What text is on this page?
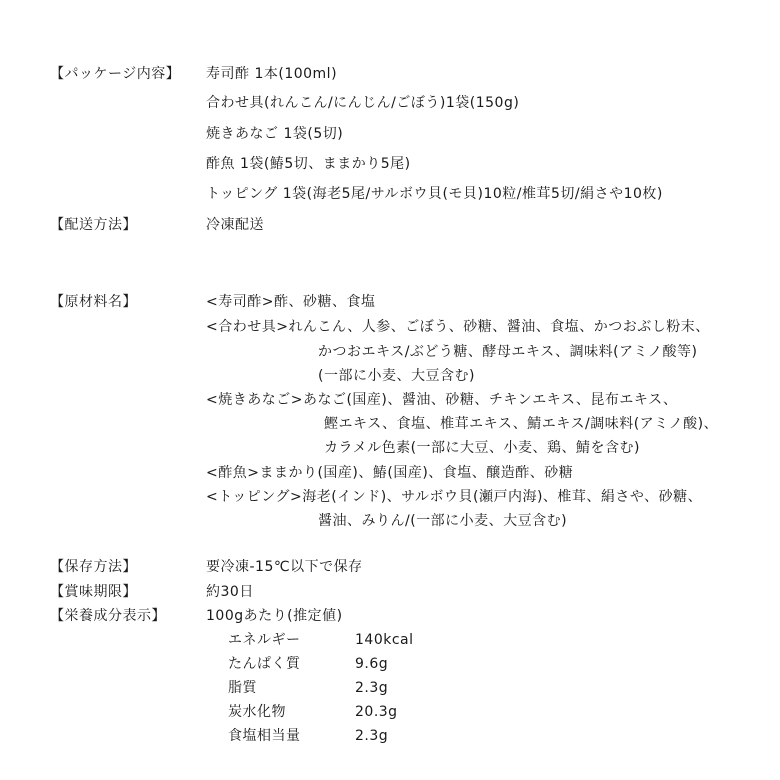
【パッケージ内容】 寿司酢 1本(100ml)
合わせ具(れんこん/にんじん/ごぼう)1袋(150g)
焼きあなご 1袋(5切)
酢魚 1袋(鰆5切、ままかり5尾)
トッピング 1袋(海老5尾/サルボウ貝(モ貝)10粒/椎茸5切/絹さや10枚)
【配送方法】	冷凍配送
【原材料名】	<寿司酢>酢、砂糖、食塩
<合わせ具>れんこん、人参、ごぼう、砂糖、醤油、食塩、かつおぶし粉末、
かつおエキス/ぶどう糖、酵母エキス、調味料(アミノ酸等)
(一部に小麦、大豆含む)
<焼きあなご>あなご(国産)、醤油、砂糖、チキンエキス、昆布エキス、
鰹エキス、食塩、椎茸エキス、鯖エキス/調味料(アミノ酸)、
カラメル色素(一部に大豆、小麦、鶏、鯖を含む)
<酢魚>ままかり(国産)、鰆(国産)、食塩、醸造酢、砂糖
<トッピング>海老(インド)、サルボウ貝(瀬戸内海)、椎茸、絹さや、砂糖、
醤油、みりん/(一部に小麦、大豆含む)
【保存方法】	要冷凍-15℃以下で保存
【賞味期限】	約30日
【栄養成分表示】	100gあたり(推定値)
エネルギー	140kcal
たんぱく質	9.6g
脂質	2.3g
炭水化物	20.3g
食塩相当量	2.3g
